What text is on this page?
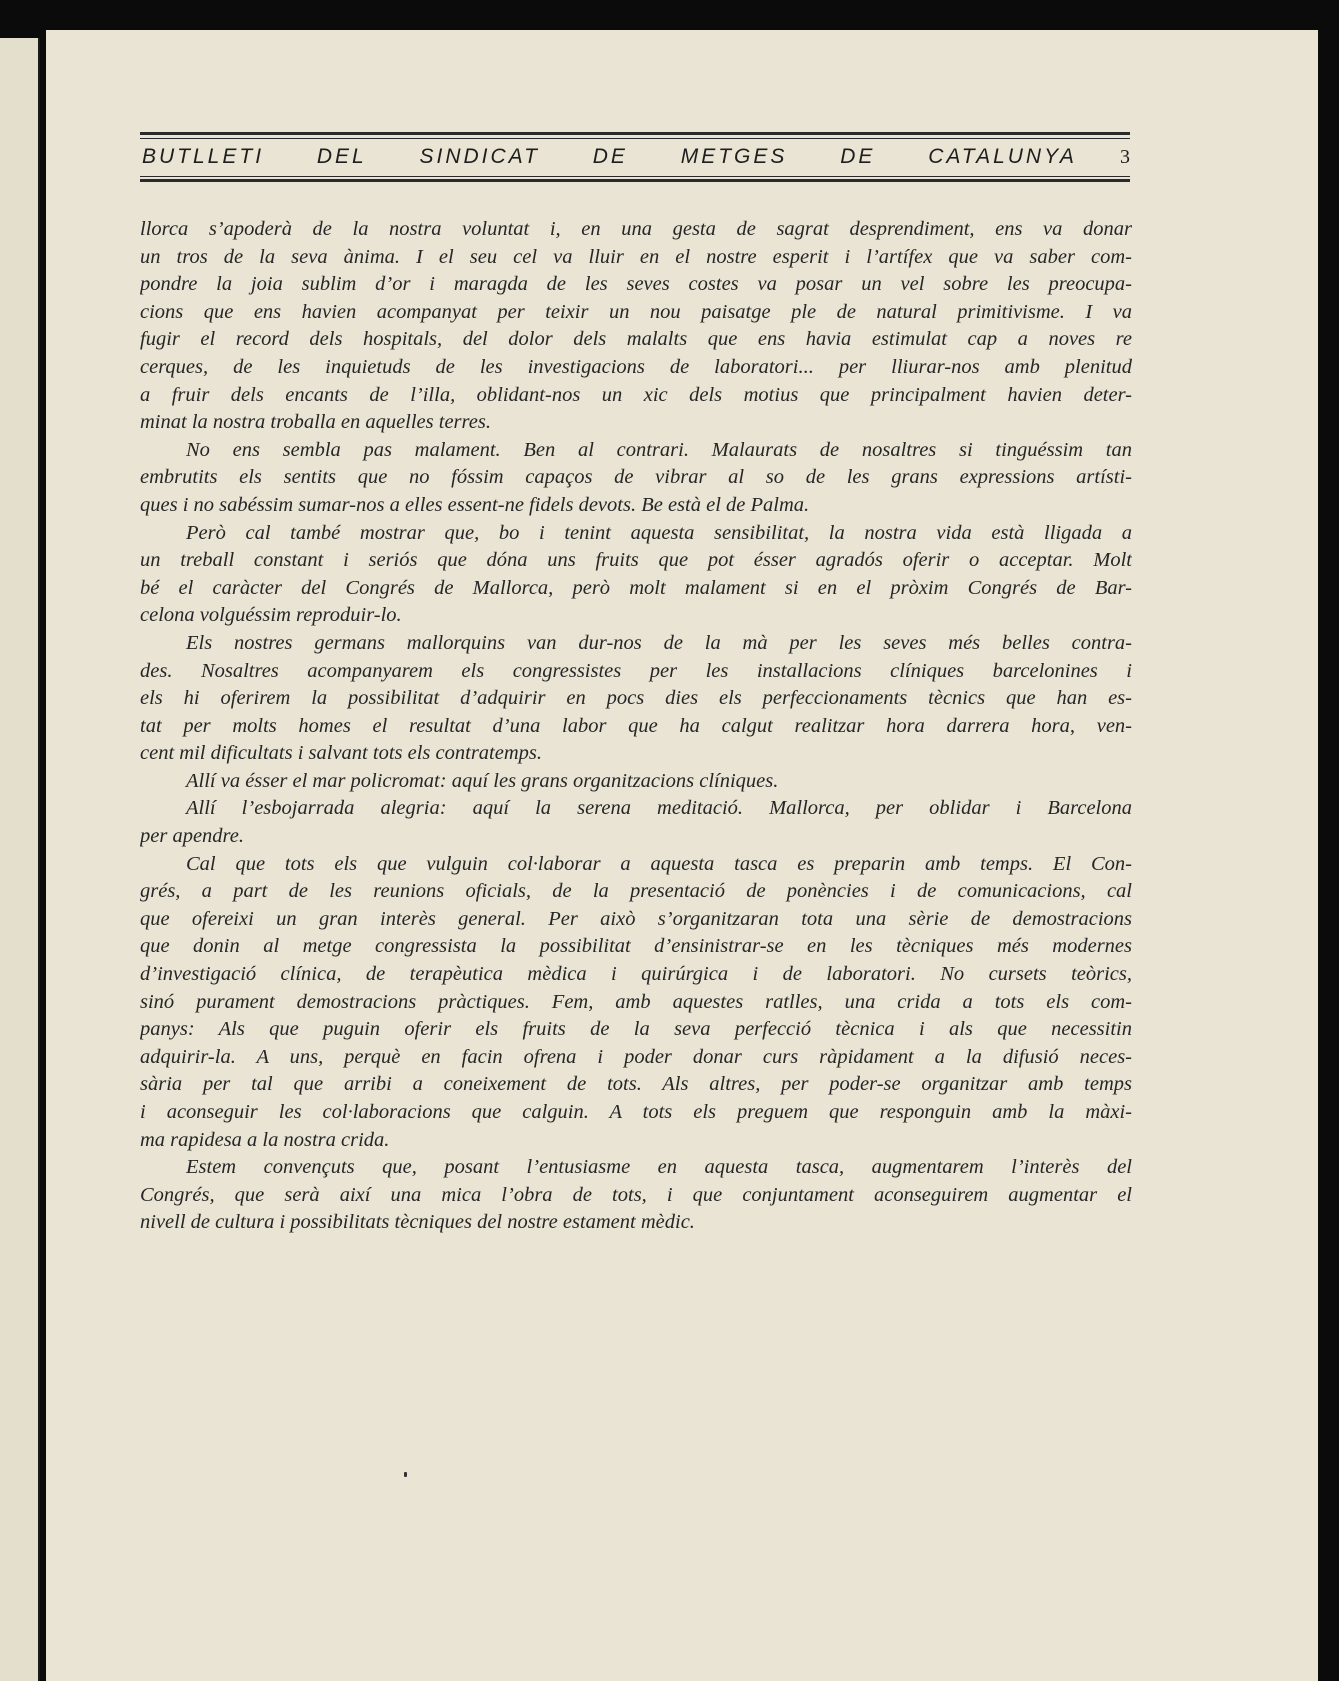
BUTLLETI	DEL	SINDICAT	DE	METGES	DE	CATALUNYA 3
llorca s’apoderà de la nostra voluntat i, en una gesta de sagrat desprendiment, ens va donar
un tros de la seva ànima. I el seu cel va lluir en el nostre esperit i l’artífex que va saber com-
pondre la joia sublim d’or i maragda de les seves costes va posar un vel sobre les preocupa-
cions que ens havien acompanyat per teixir un nou paisatge ple de natural primitivisme. I va
fugir el record dels hospitals, del dolor dels malalts que ens havia estimulat cap a noves re
cerques, de les inquietuds de les investigacions de laboratori... per lliurar-nos amb plenitud
a fruir dels encants de l’illa, oblidant-nos un xic dels motius que principalment havien deter-
minat la nostra troballa en aquelles terres.
No ens sembla pas malament. Ben al contrari. Malaurats de nosaltres si tinguéssim tan
embrutits els sentits que no fóssim capaços de vibrar al so de les grans expressions artísti-
ques i no sabéssim sumar-nos a elles essent-ne fidels devots. Be està el de Palma.
Però cal també mostrar que, bo i tenint aquesta sensibilitat, la nostra vida està lligada a
un treball constant i seriós que dóna uns fruits que pot ésser agradós oferir o acceptar. Molt
bé el caràcter del Congrés de Mallorca, però molt malament si en el pròxim Congrés de Bar-
celona volguéssim reproduir-lo.
Els nostres germans mallorquins van dur-nos de la mà per les seves més belles contra-
des. Nosaltres acompanyarem els congressistes per les installacions clíniques barcelonines i
els hi oferirem la possibilitat d’adquirir en pocs dies els perfeccionaments tècnics que han es-
tat per molts homes el resultat d’una labor que ha calgut realitzar hora darrera hora, ven-
cent mil dificultats i salvant tots els contratemps.
Allí va ésser el mar policromat: aquí les grans organitzacions clíniques.
Allí l’esbojarrada alegria: aquí la serena meditació. Mallorca, per oblidar i Barcelona
per apendre.
Cal que tots els que vulguin col·laborar a aquesta tasca es preparin amb temps. El Con-
grés, a part de les reunions oficials, de la presentació de ponències i de comunicacions, cal
que ofereixi un gran interès general. Per això s’organitzaran tota una sèrie de demostracions
que donin al metge congressista la possibilitat d’ensinistrar-se en les tècniques més modernes
d’investigació clínica, de terapèutica mèdica i quirúrgica i de laboratori. No cursets teòrics,
sinó purament demostracions pràctiques. Fem, amb aquestes ratlles, una crida a tots els com-
panys: Als que puguin oferir els fruits de la seva perfecció tècnica i als que necessitin
adquirir-la. A uns, perquè en facin ofrena i poder donar curs ràpidament a la difusió neces-
sària per tal que arribi a coneixement de tots. Als altres, per poder-se organitzar amb temps
i aconseguir les col·laboracions que calguin. A tots els preguem que responguin amb la màxi-
ma rapidesa a la nostra crida.
Estem convençuts que, posant l’entusiasme en aquesta tasca, augmentarem l’interès del
Congrés, que serà així una mica l’obra de tots, i que conjuntament aconseguirem augmentar el
nivell de cultura i possibilitats tècniques del nostre estament mèdic.
